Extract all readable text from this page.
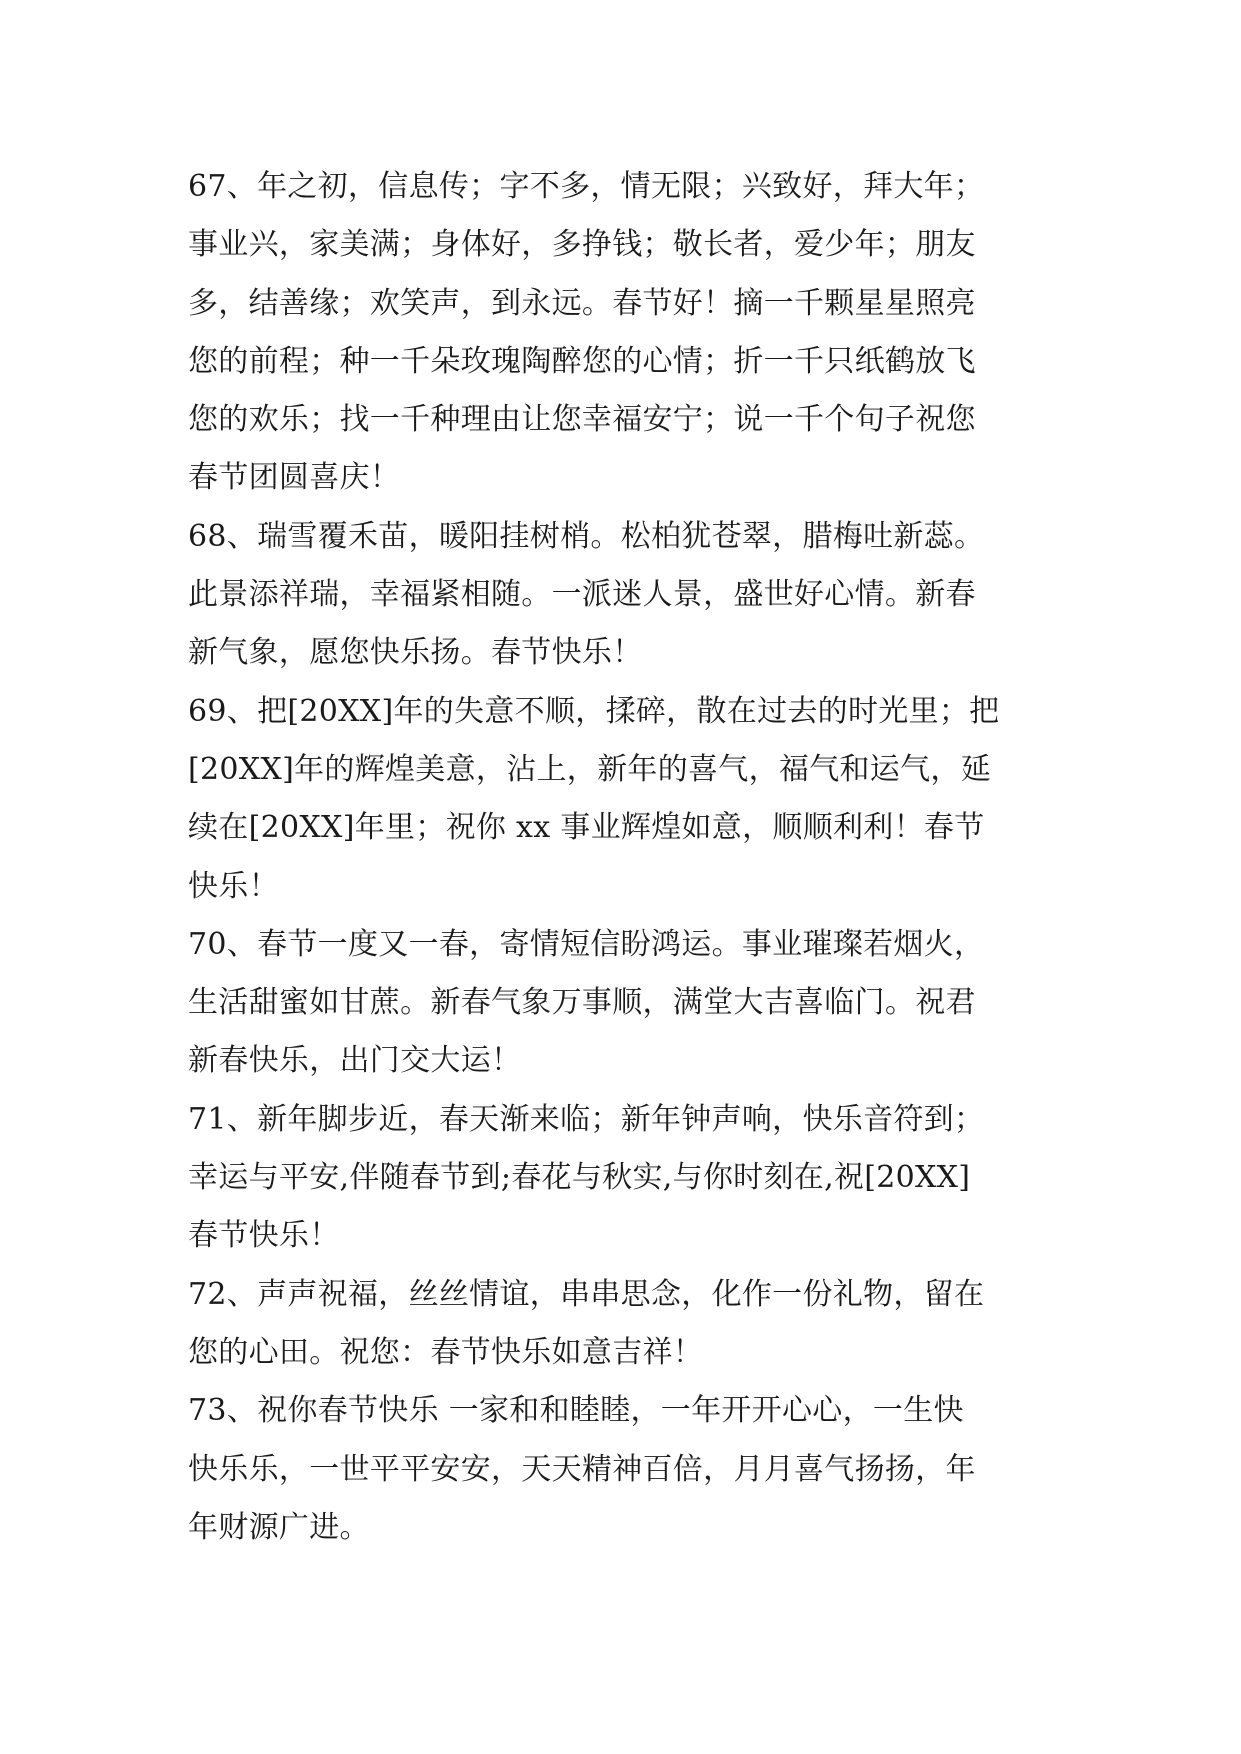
67、年之初，信息传；字不多，情无限；兴致好，拜大年；
事业兴，家美满；身体好，多挣钱；敬长者，爱少年；朋友
多，结善缘；欢笑声，到永远。春节好！摘一千颗星星照亮
您的前程；种一千朵玫瑰陶醉您的心情；折一千只纸鹤放飞
您的欢乐；找一千种理由让您幸福安宁；说一千个句子祝您
春节团圆喜庆！
68、瑞雪覆禾苗，暖阳挂树梢。松柏犹苍翠，腊梅吐新蕊。
此景添祥瑞，幸福紧相随。一派迷人景，盛世好心情。新春
新气象，愿您快乐扬。春节快乐！
69、把[20XX]年的失意不顺，揉碎，散在过去的时光里；把
[20XX]年的辉煌美意，沾上，新年的喜气，福气和运气，延
续在[20XX]年里；祝你 xx 事业辉煌如意，顺顺利利！春节
快乐！
70、春节一度又一春，寄情短信盼鸿运。事业璀璨若烟火，
生活甜蜜如甘蔗。新春气象万事顺，满堂大吉喜临门。祝君
新春快乐，出门交大运！
71、新年脚步近，春天渐来临；新年钟声响，快乐音符到；
幸运与平安,伴随春节到;春花与秋实,与你时刻在,祝[20XX]
春节快乐！
72、声声祝福，丝丝情谊，串串思念，化作一份礼物，留在
您的心田。祝您：春节快乐如意吉祥！
73、祝你春节快乐 一家和和睦睦，一年开开心心，一生快
快乐乐，一世平平安安，天天精神百倍，月月喜气扬扬，年
年财源广进。
